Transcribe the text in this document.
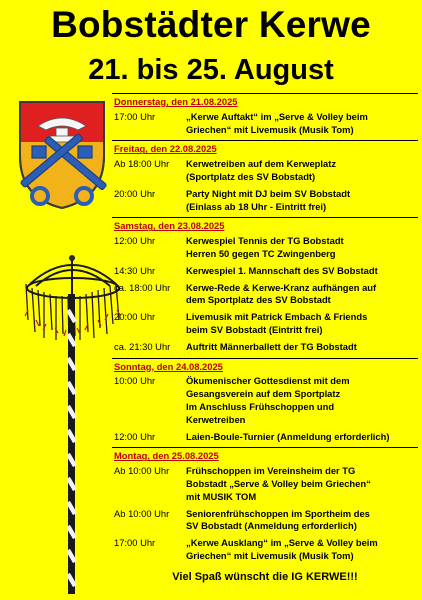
Bobstädter Kerwe
21. bis 25. August
Donnerstag, den 21.08.2025
17:00 Uhr	„Kerwe Auftakt“ im „Serve & Volley beim
Griechen“ mit Livemusik (Musik Tom)
Freitag, den 22.08.2025
Ab 18:00 Uhr	Kerwetreiben auf dem Kerweplatz
(Sportplatz des SV Bobstadt)
20:00 Uhr	Party Night mit DJ beim SV Bobstadt
(Einlass ab 18 Uhr - Eintritt frei)
Samstag, den 23.08.2025
12:00 Uhr	Kerwespiel Tennis der TG Bobstadt
Herren 50 gegen TC Zwingenberg
14:30 Uhr	Kerwespiel 1. Mannschaft des SV Bobstadt
ca. 18:00 Uhr	Kerwe-Rede & Kerwe-Kranz aufhängen auf
dem Sportplatz des SV Bobstadt
20:00 Uhr	Livemusik mit Patrick Embach & Friends
beim SV Bobstadt (Eintritt frei)
ca. 21:30 Uhr	Auftritt Männerballett der TG Bobstadt
Sonntag, den 24.08.2025
10:00 Uhr	Ökumenischer Gottesdienst mit dem
Gesangsverein auf dem Sportplatz
Im Anschluss Frühschoppen und
Kerwetreiben
12:00 Uhr	Laien-Boule-Turnier (Anmeldung erforderlich)
Montag, den 25.08.2025
Ab 10:00 Uhr	Frühschoppen im Vereinsheim der TG
Bobstadt „Serve & Volley beim Griechen“
mit MUSIK TOM
Ab 10:00 Uhr	Seniorenfrühschoppen im Sportheim des
SV Bobstadt (Anmeldung erforderlich)
17:00 Uhr	„Kerwe Ausklang“ im „Serve & Volley beim
Griechen“ mit Livemusik (Musik Tom)
Viel Spaß wünscht die IG KERWE!!!
